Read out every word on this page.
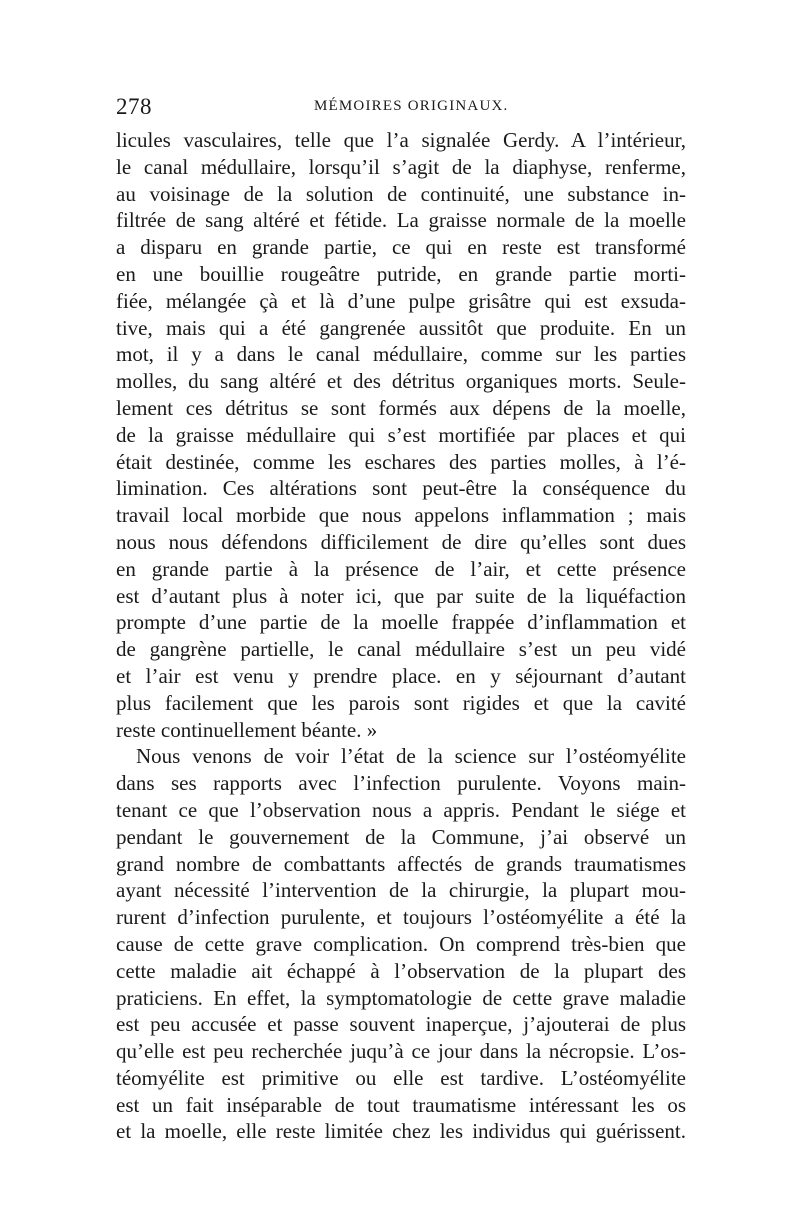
278	MÉMOIRES ORIGINAUX.
licules vasculaires, telle que l’a signalée Gerdy. A l’intérieur,
le canal médullaire, lorsqu’il s’agit de la diaphyse, renferme,
au voisinage de la solution de continuité, une substance in-
filtrée de sang altéré et fétide. La graisse normale de la moelle
a disparu en grande partie, ce qui en reste est transformé
en une bouillie rougeâtre putride, en grande partie morti-
fiée, mélangée çà et là d’une pulpe grisâtre qui est exsuda-
tive, mais qui a été gangrenée aussitôt que produite. En un
mot, il y a dans le canal médullaire, comme sur les parties
molles, du sang altéré et des détritus organiques morts. Seule-
lement ces détritus se sont formés aux dépens de la moelle,
de la graisse médullaire qui s’est mortifiée par places et qui
était destinée, comme les eschares des parties molles, à l’é-
limination. Ces altérations sont peut-être la conséquence du
travail local morbide que nous appelons inflammation ; mais
nous nous défendons difficilement de dire qu’elles sont dues
en grande partie à la présence de l’air, et cette présence
est d’autant plus à noter ici, que par suite de la liquéfaction
prompte d’une partie de la moelle frappée d’inflammation et
de gangrène partielle, le canal médullaire s’est un peu vidé
et l’air est venu y prendre place. en y séjournant d’autant
plus facilement que les parois sont rigides et que la cavité
reste continuellement béante. »
Nous venons de voir l’état de la science sur l’ostéomyélite
dans ses rapports avec l’infection purulente. Voyons main-
tenant ce que l’observation nous a appris. Pendant le siége et
pendant le gouvernement de la Commune, j’ai observé un
grand nombre de combattants affectés de grands traumatismes
ayant nécessité l’intervention de la chirurgie, la plupart mou-
rurent d’infection purulente, et toujours l’ostéomyélite a été la
cause de cette grave complication. On comprend très-bien que
cette maladie ait échappé à l’observation de la plupart des
praticiens. En effet, la symptomatologie de cette grave maladie
est peu accusée et passe souvent inaperçue, j’ajouterai de plus
qu’elle est peu recherchée juqu’à ce jour dans la nécropsie. L’os-
téomyélite est primitive ou elle est tardive. L’ostéomyélite
est un fait inséparable de tout traumatisme intéressant les os
et la moelle, elle reste limitée chez les individus qui guérissent.
